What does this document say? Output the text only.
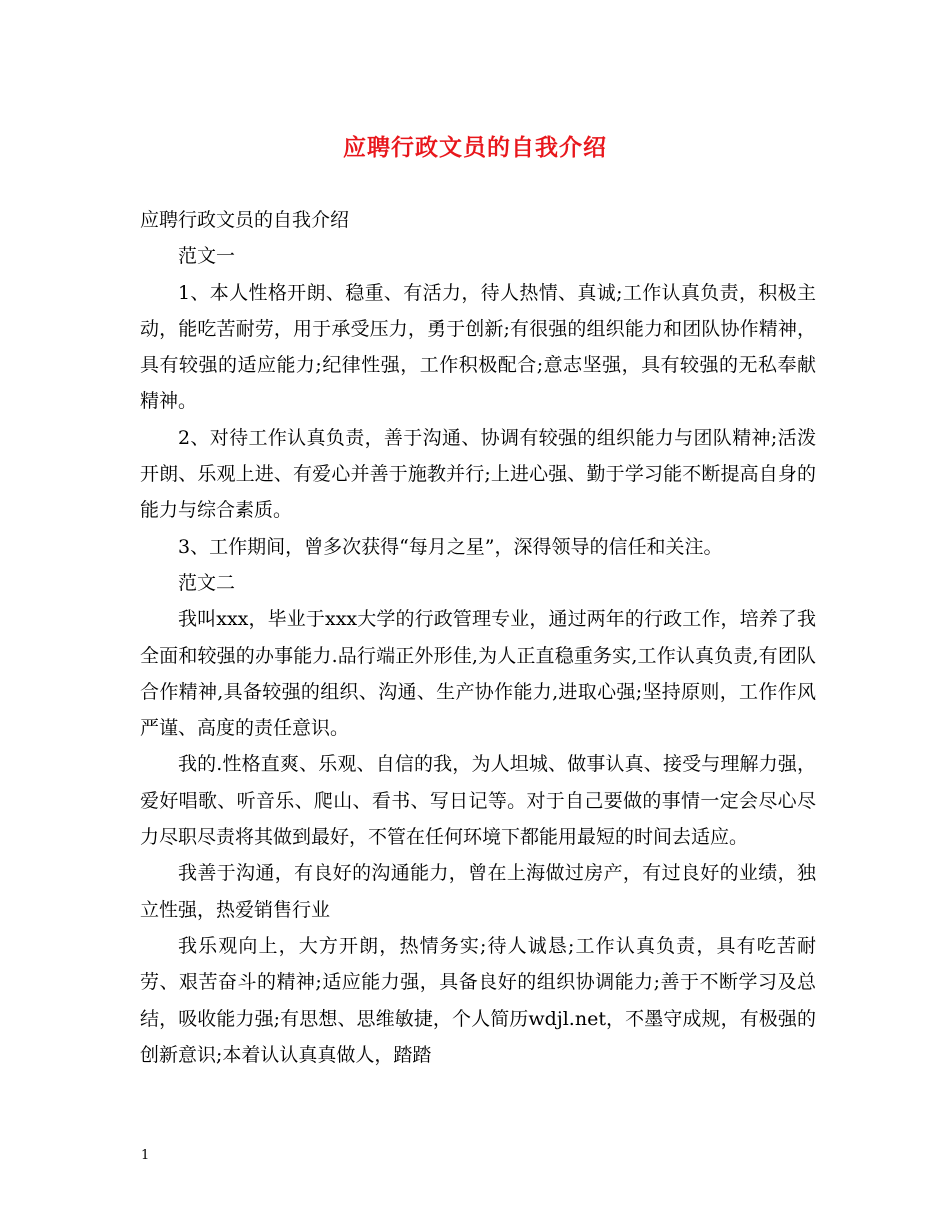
应聘行政文员的自我介绍

应聘行政文员的自我介绍

范文一

1、本人性格开朗、稳重、有活力，待人热情、真诚;工作认真负责，积极主动，能吃苦耐劳，用于承受压力，勇于创新;有很强的组织能力和团队协作精神，具有较强的适应能力;纪律性强，工作积极配合;意志坚强，具有较强的无私奉献精神。

2、对待工作认真负责，善于沟通、协调有较强的组织能力与团队精神;活泼开朗、乐观上进、有爱心并善于施教并行;上进心强、勤于学习能不断提高自身的能力与综合素质。

3、工作期间，曾多次获得“每月之星”，深得领导的信任和关注。

范文二

我叫xxx，毕业于xxx大学的行政管理专业，通过两年的行政工作，培养了我全面和较强的办事能力.品行端正外形佳,为人正直稳重务实,工作认真负责,有团队合作精神,具备较强的组织、沟通、生产协作能力,进取心强;坚持原则，工作作风严谨、高度的责任意识。

我的.性格直爽、乐观、自信的我，为人坦城、做事认真、接受与理解力强，爱好唱歌、听音乐、爬山、看书、写日记等。对于自己要做的事情一定会尽心尽力尽职尽责将其做到最好，不管在任何环境下都能用最短的时间去适应。

我善于沟通，有良好的沟通能力，曾在上海做过房产，有过良好的业绩，独立性强，热爱销售行业

我乐观向上，大方开朗，热情务实;待人诚恳;工作认真负责，具有吃苦耐劳、艰苦奋斗的精神;适应能力强，具备良好的组织协调能力;善于不断学习及总结，吸收能力强;有思想、思维敏捷，个人简历wdjl.net，不墨守成规，有极强的创新意识;本着认认真真做人，踏踏

1
